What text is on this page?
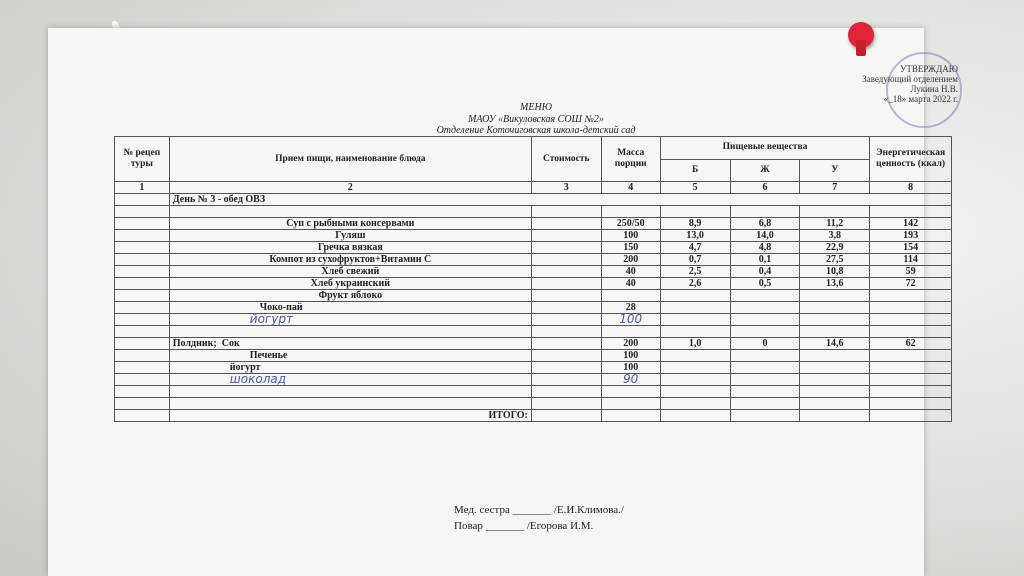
УТВЕРЖДАЮ
Заведующий отделением
Лукина Н.В.
«_18» марта 2022 г.
МЕНЮ
МАОУ «Викуловская СОШ №2»
Отделение Коточиговская школа-детский сад
№ рецеп туры	Прием пищи, наименование блюда	Стоимость	Масса порции	Пищевые вещества			Энергетическая ценность (ккал)
				Б	Ж	У	
1	2	3	4	5	6	7	8
	День № 3 - обед ОВЗ						

	Суп с рыбными консервами		250/50	8,9	6,8	11,2	142
	Гуляш		100	13,0	14,0	3,8	193
	Гречка вязкая		150	4,7	4,8	22,9	154
	Компот из сухофруктов+Витамин С		200	0,7	0,1	27,5	114
	Хлеб свежий		40	2,5	0,4	10,8	59
	Хлеб украинский		40	2,6	0,5	13,6	72
	Фрукт яблоко						
	Чоко-пай		28				
	йогурт		100				

	Полдник; Сок		200	1,0	0	14,6	62
	Печенье		100				
	йогурт		100				
	шоколад		90				

	ИТОГО:						
Мед. сестра _______ /Е.И.Климова./
Повар _______ /Егорова И.М.
